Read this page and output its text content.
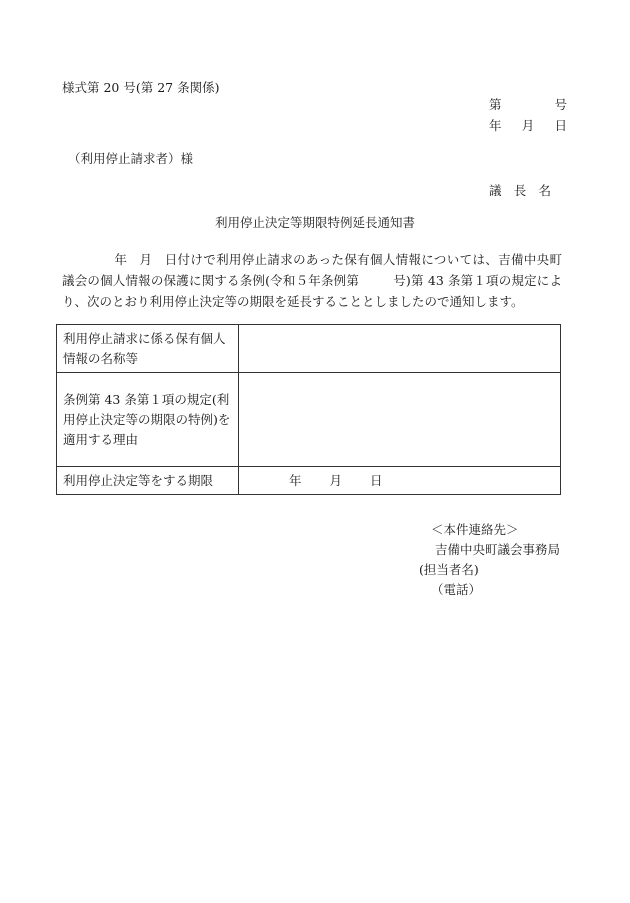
様式第 20 号(第 27 条関係)
第	号
年 月 日
（利用停止請求者）様
議 長 名
利用停止決定等期限特例延長通知書
年 月 日付けで利用停止請求のあった保有個人情報については、吉備中央町議会の個人情報の保護に関する条例(令和５年条例第	号)第 43 条第１項の規定により、次のとおり利用停止決定等の期限を延長することとしましたので通知します。
利用停止請求に係る保有個人情報の名称等	
条例第 43 条第１項の規定(利用停止決定等の期限の特例)を適用する理由	
利用停止決定等をする期限	年 月 日
＜本件連絡先＞
吉備中央町議会事務局
(担当者名)
（電話）
